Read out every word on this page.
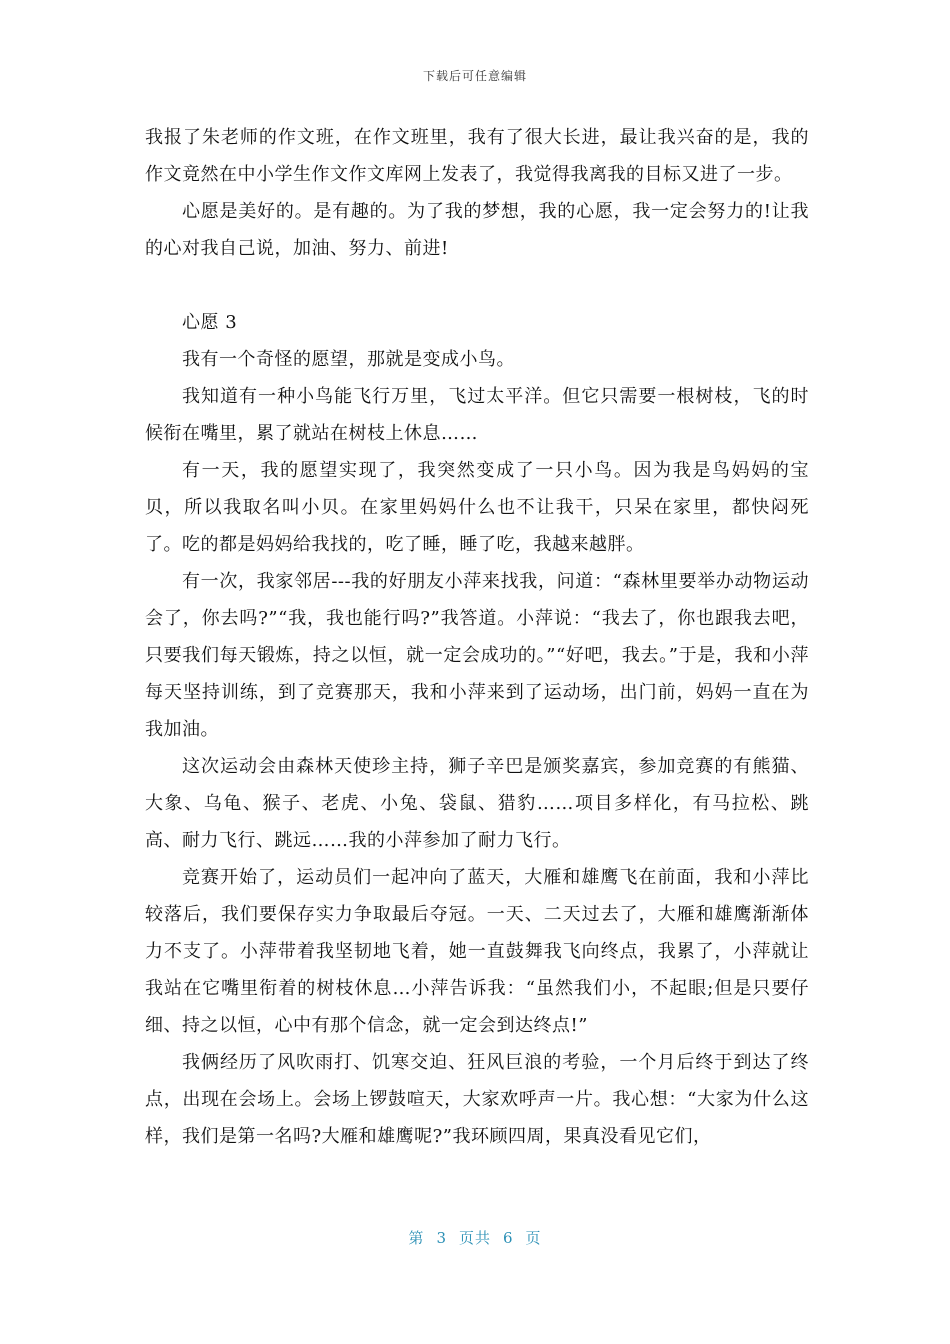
下载后可任意编辑

我报了朱老师的作文班，在作文班里，我有了很大长进，最让我兴奋的是，我的作文竟然在中小学生作文作文库网上发表了，我觉得我离我的目标又进了一步。

心愿是美好的。是有趣的。为了我的梦想，我的心愿，我一定会努力的!让我的心对我自己说，加油、努力、前进!

心愿 3

我有一个奇怪的愿望，那就是变成小鸟。

我知道有一种小鸟能飞行万里，飞过太平洋。但它只需要一根树枝，飞的时候衔在嘴里，累了就站在树枝上休息……

有一天，我的愿望实现了，我突然变成了一只小鸟。因为我是鸟妈妈的宝贝，所以我取名叫小贝。在家里妈妈什么也不让我干，只呆在家里，都快闷死了。吃的都是妈妈给我找的，吃了睡，睡了吃，我越来越胖。

有一次，我家邻居---我的好朋友小萍来找我，问道：“森林里要举办动物运动会了，你去吗?”“我，我也能行吗?”我答道。小萍说：“我去了，你也跟我去吧，只要我们每天锻炼，持之以恒，就一定会成功的。”“好吧，我去。”于是，我和小萍每天坚持训练，到了竞赛那天，我和小萍来到了运动场，出门前，妈妈一直在为我加油。

这次运动会由森林天使珍主持，狮子辛巴是颁奖嘉宾，参加竞赛的有熊猫、大象、乌龟、猴子、老虎、小兔、袋鼠、猎豹……项目多样化，有马拉松、跳高、耐力飞行、跳远……我的小萍参加了耐力飞行。

竞赛开始了，运动员们一起冲向了蓝天，大雁和雄鹰飞在前面，我和小萍比较落后，我们要保存实力争取最后夺冠。一天、二天过去了，大雁和雄鹰渐渐体力不支了。小萍带着我坚韧地飞着，她一直鼓舞我飞向终点，我累了，小萍就让我站在它嘴里衔着的树枝休息…小萍告诉我：“虽然我们小，不起眼;但是只要仔细、持之以恒，心中有那个信念，就一定会到达终点!”

我俩经历了风吹雨打、饥寒交迫、狂风巨浪的考验，一个月后终于到达了终点，出现在会场上。会场上锣鼓喧天，大家欢呼声一片。我心想：“大家为什么这样，我们是第一名吗?大雁和雄鹰呢?”我环顾四周，果真没看见它们，

第 3 页共 6 页
